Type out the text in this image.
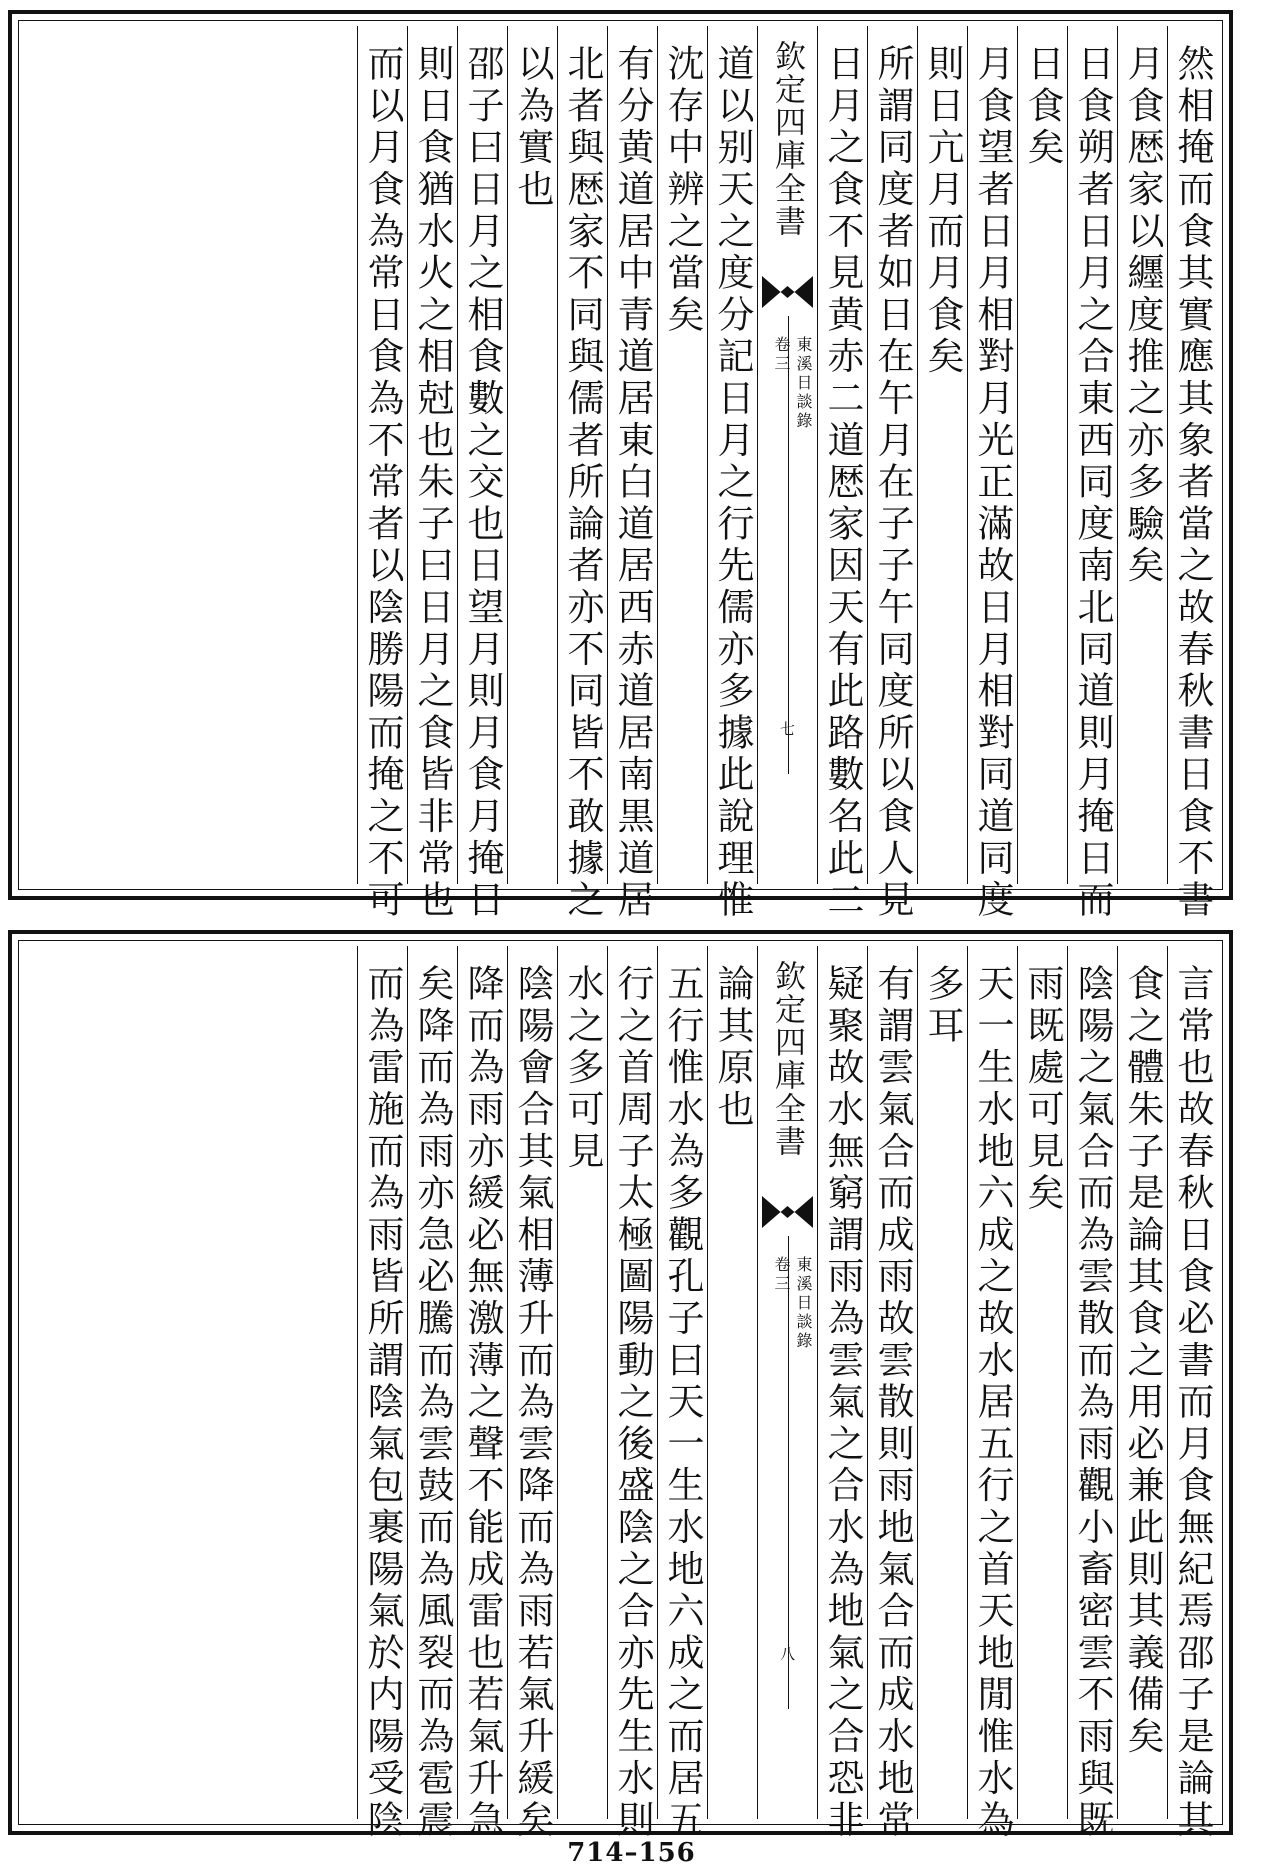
然相掩而食其實應其象者當之故春秋書日食不書
月食厯家以纒度推之亦多驗矣
日食朔者日月之合東西同度南北同道則月掩日而
日食矣
月食望者日月相對月光正滿故日月相對同道同度
則日亢月而月食矣
所謂同度者如日在午月在子子午同度所以食人見
日月之食不見黄赤二道厯家因天有此路數名此二
道以别天之度分記日月之行先儒亦多據此說理惟
沈存中辨之當矣
有分黄道居中青道居東白道居西赤道居南黒道居
北者與厯家不同與儒者所論者亦不同皆不敢據之
以為實也
邵子曰日月之相食數之交也日望月則月食月掩日
則日食猶水火之相尅也朱子曰日月之食皆非常也
而以月食為常日食為不常者以陰勝陽而掩之不可	欽定四庫全書
東溪日談錄
卷三
七
言常也故春秋日食必書而月食無紀焉邵子是論其
食之體朱子是論其食之用必兼此則其義備矣
陰陽之氣合而為雲散而為雨觀小畜密雲不雨與既
雨既處可見矣
天一生水地六成之故水居五行之首天地閒惟水為
多耳
有謂雲氣合而成雨故雲散則雨地氣合而成水地常
疑聚故水無窮謂雨為雲氣之合水為地氣之合恐非
論其原也
五行惟水為多觀孔子曰天一生水地六成之而居五
行之首周子太極圖陽動之後盛陰之合亦先生水則
水之多可見
陰陽會合其氣相薄升而為雲降而為雨若氣升緩矣
降而為雨亦緩必無激薄之聲不能成雷也若氣升急
矣降而為雨亦急必騰而為雲鼓而為風裂而為雹震
而為雷施而為雨皆所謂陰氣包裹陽氣於内陽受陰	欽定四庫全書
東溪日談錄
卷三
八
714–156
